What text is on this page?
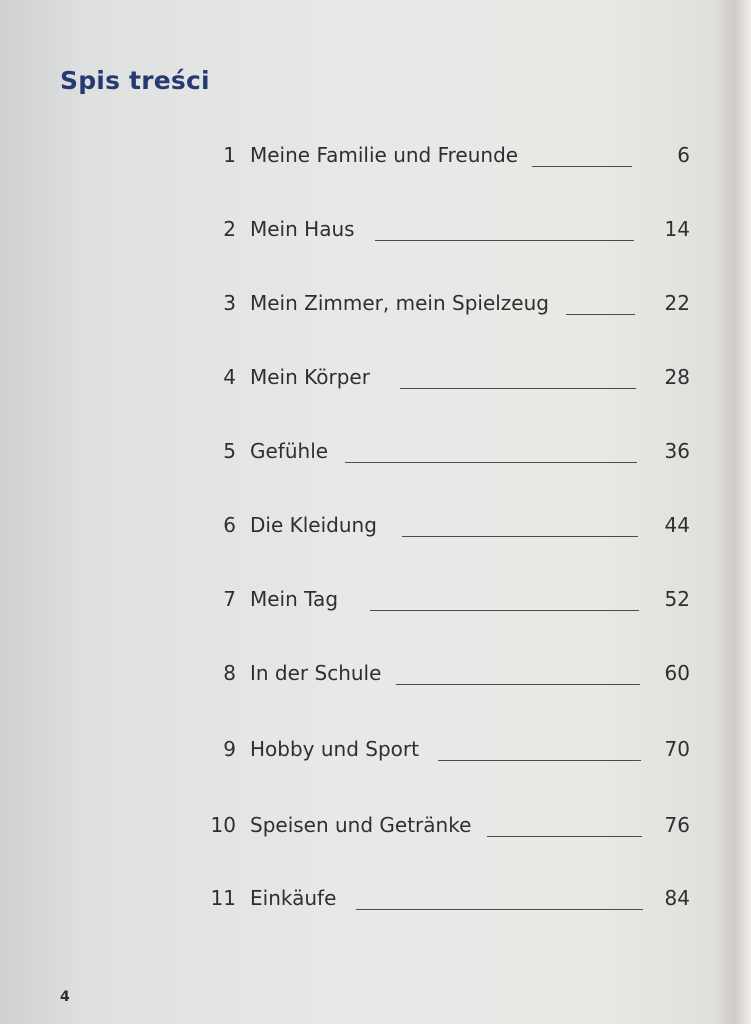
Spis treści
1 Meine Familie und Freunde	6
2 Mein Haus	14
3 Mein Zimmer, mein Spielzeug	22
4 Mein Körper	28
5 Gefühle	36
6 Die Kleidung	44
7 Mein Tag	52
8 In der Schule	60
9 Hobby und Sport	70
10 Speisen und Getränke	76
11 Einkäufe	84
4
